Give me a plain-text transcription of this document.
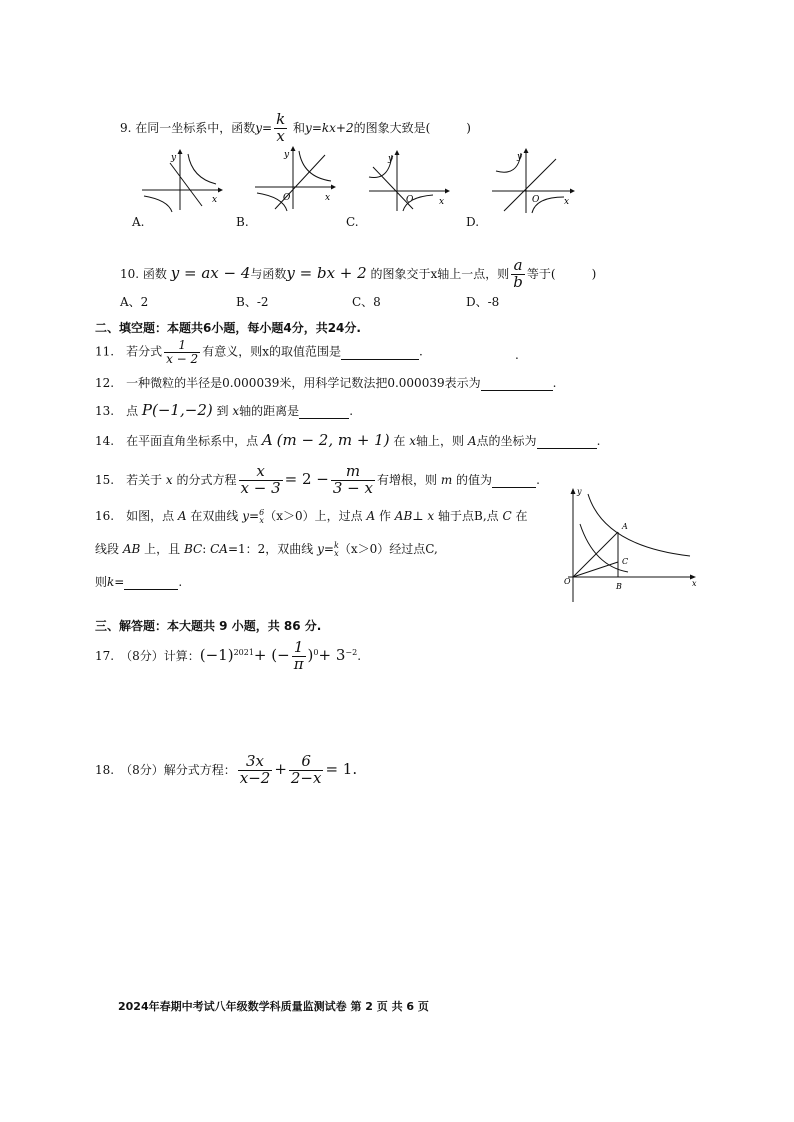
9. 在同一坐标系中，函数$y= \frac{k}{x}$ 和y=kx+2的图象大致是(　　　)
y
x
A.
y
x
O
B.
y
x
O
C.
y
x
O
D.
10. 函数 y = ax − 4与函数y = bx + 2 的图象交于x轴上一点，则 $\frac{a}{b}$ 等于(　　　)
A、2	B、-2	C、8	D、-8
二、填空题：本题共6小题，每小题4分，共24分.
11.　若分式 $\frac{1}{x - 2}$ 有意义，则x的取值范围是	.	.
12.　一种微粒的半径是0.000039米，用科学记数法把0.000039表示为	.
13.　点 P(−1,−2) 到 x轴的距离是	.
14.　在平面直角坐标系中，点 A (m − 2, m + 1) 在 x轴上，则 A点的坐标为	.
15.　若关于 x 的分式方程 $\frac{x}{x - 3} = 2 - \frac{m}{3 - x}$ 有增根，则 m 的值为	.
16.　如图，点 A 在双曲线 y= 6
x （x＞0）上，过点 A 作 AB⊥ x 轴于点B,点 C 在
线段 AB 上，且 BC: CA=1：2，双曲线 y= k
x （x＞0）经过点C,
则k=	.
y
x
O
A
B
C
三、解答题：本大题共 9 小题，共 86 分.
17.　（8分）计算：$(-1)^{2021}+$ (− $\frac{1}{\pi} )^0+ 3^{-2}$.
18.　（8分）解分式方程： $\frac{3x}{x-2} + \frac{6}{2-x} = 1$.
2024年春期中考试八年级数学科质量监测试卷 第 2 页 共 6 页
